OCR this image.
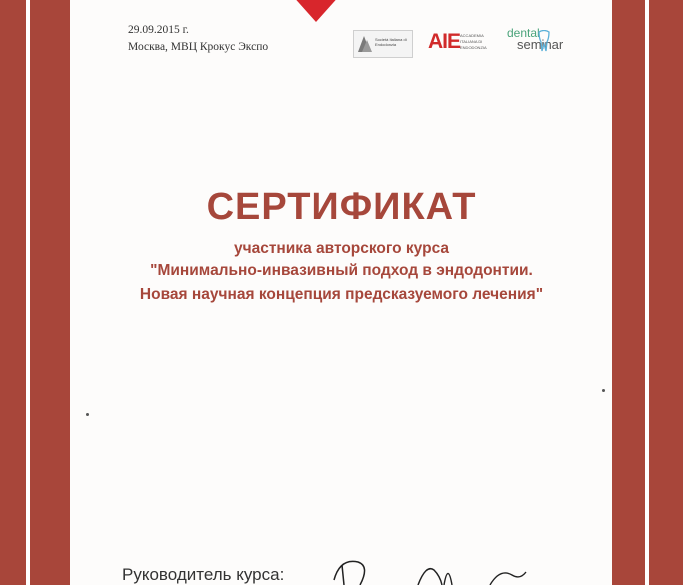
29.09.2015 г.
Москва, МВЦ Крокус Экспо
Società Italiana di Endodonzia	AIE ACCADEMIA ITALIANA DI ENDODONZIA
dental
seminar
СЕРТИФИКАТ
участника авторского курса
"Минимально-инвазивный подход в эндодонтии.
Новая научная концепция предсказуемого лечения"
Руководитель курса:
